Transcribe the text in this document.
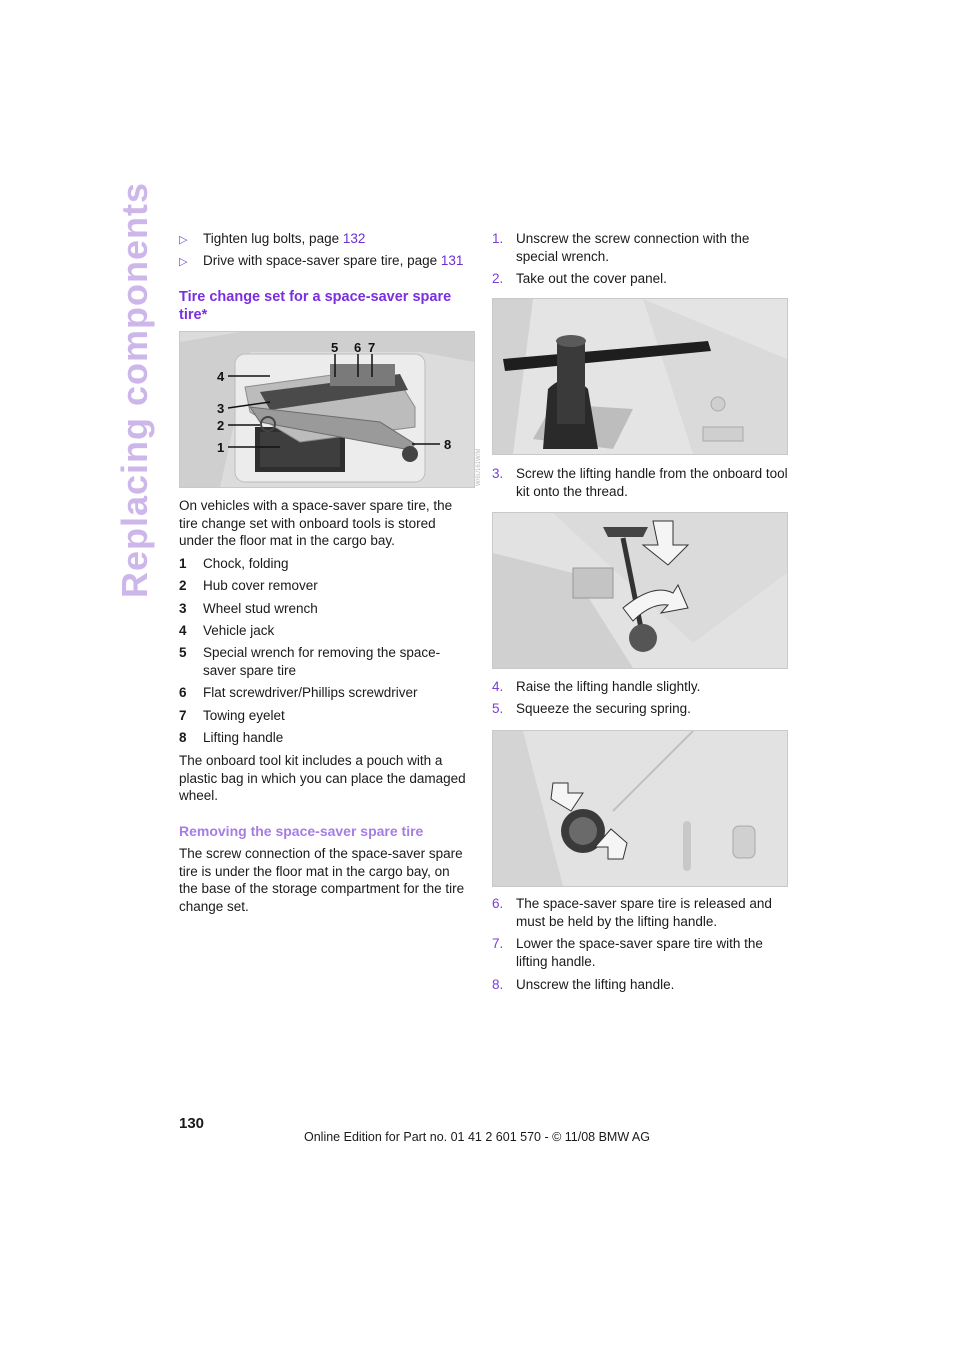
Replacing components ▷ Tighten lug bolts, page 132
▷ Drive with space-saver spare tire, page 131
Tire change set for a space-saver spare tire*
1
2
3
4
5 6 7
8
W/6U161W/M
On vehicles with a space-saver spare tire, the tire change set with onboard tools is stored under the floor mat in the cargo bay.
1 Chock, folding
2 Hub cover remover
3 Wheel stud wrench
4 Vehicle jack
5 Special wrench for removing the space-saver spare tire
6 Flat screwdriver/Phillips screwdriver
7 Towing eyelet
8 Lifting handle
The onboard tool kit includes a pouch with a plastic bag in which you can place the damaged wheel.
Removing the space-saver spare tire
The screw connection of the space-saver spare tire is under the floor mat in the cargo bay, on the base of the storage compartment for the tire change set.
1. Unscrew the screw connection with the special wrench.
2. Take out the cover panel.
3. Screw the lifting handle from the onboard tool kit onto the thread.
4. Raise the lifting handle slightly.
5. Squeeze the securing spring.
6. The space-saver spare tire is released and must be held by the lifting handle.
7. Lower the space-saver spare tire with the lifting handle.
8. Unscrew the lifting handle.
130
Online Edition for Part no. 01 41 2 601 570 - © 11/08 BMW AG
